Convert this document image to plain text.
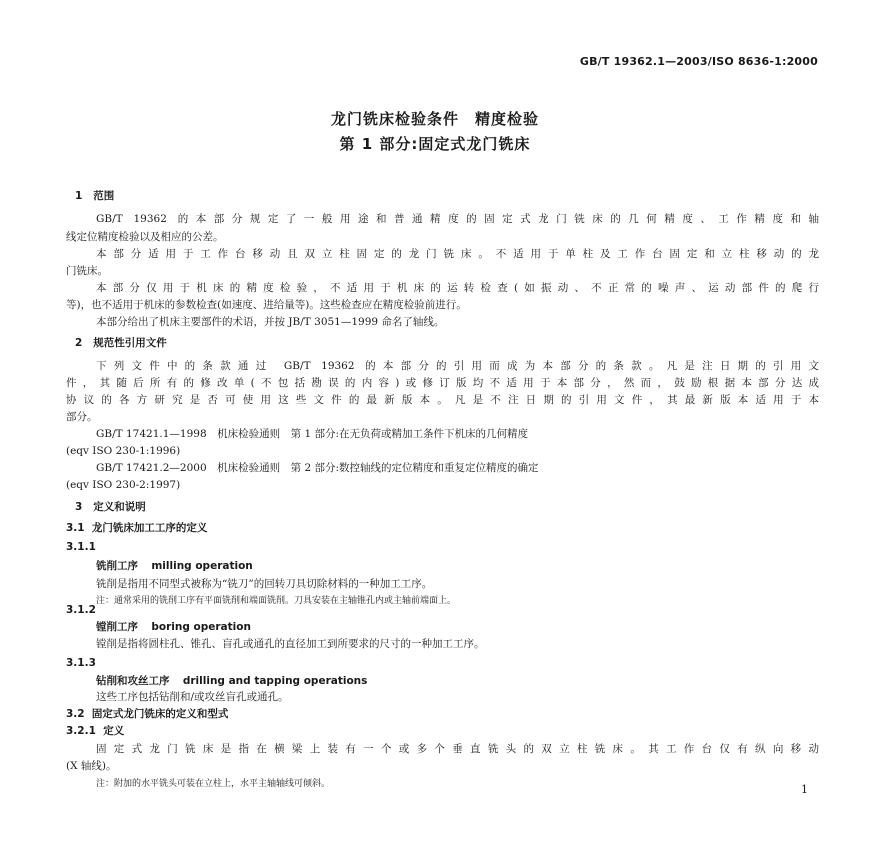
GB/T 19362.1—2003/ISO 8636-1:2000
龙门铣床检验条件　精度检验
第 1 部分:固定式龙门铣床
1 范围
GB/T 19362 的本部分规定了一般用途和普通精度的固定式龙门铣床的几何精度、工作精度和轴
线定位精度检验以及相应的公差。
本部分适用于工作台移动且双立柱固定的龙门铣床。不适用于单柱及工作台固定和立柱移动的龙
门铣床。
本部分仅用于机床的精度检验，不适用于机床的运转检查(如振动、不正常的噪声、运动部件的爬行
等)，也不适用于机床的参数检查(如速度、进给量等)。这些检查应在精度检验前进行。
本部分给出了机床主要部件的术语，并按 JB/T 3051—1999 命名了轴线。
2 规范性引用文件
下列文件中的条款通过 GB/T 19362 的本部分的引用而成为本部分的条款。凡是注日期的引用文
件，其随后所有的修改单(不包括勘误的内容)或修订版均不适用于本部分，然而，鼓励根据本部分达成
协议的各方研究是否可使用这些文件的最新版本。凡是不注日期的引用文件，其最新版本适用于本
部分。
GB/T 17421.1—1998　机床检验通则　第 1 部分:在无负荷或精加工条件下机床的几何精度
(eqv ISO 230-1:1996)
GB/T 17421.2—2000　机床检验通则　第 2 部分:数控轴线的定位精度和重复定位精度的确定
(eqv ISO 230-2:1997)
3 定义和说明
3.1 龙门铣床加工工序的定义
3.1.1
铣削工序 milling operation
铣削是指用不同型式被称为“铣刀”的回转刀具切除材料的一种加工工序。
注：通常采用的铣削工序有平面铣削和端面铣削。刀具安装在主轴锥孔内或主轴前端面上。
3.1.2
镗削工序 boring operation
镗削是指将圆柱孔、锥孔、盲孔或通孔的直径加工到所要求的尺寸的一种加工工序。
3.1.3
钻削和攻丝工序 drilling and tapping operations
这些工序包括钻削和/或攻丝盲孔或通孔。
3.2 固定式龙门铣床的定义和型式
3.2.1 定义
固定式龙门铣床是指在横梁上装有一个或多个垂直铣头的双立柱铣床。其工作台仅有纵向移动
(X 轴线)。
注：附加的水平铣头可装在立柱上，水平主轴轴线可倾斜。	1
